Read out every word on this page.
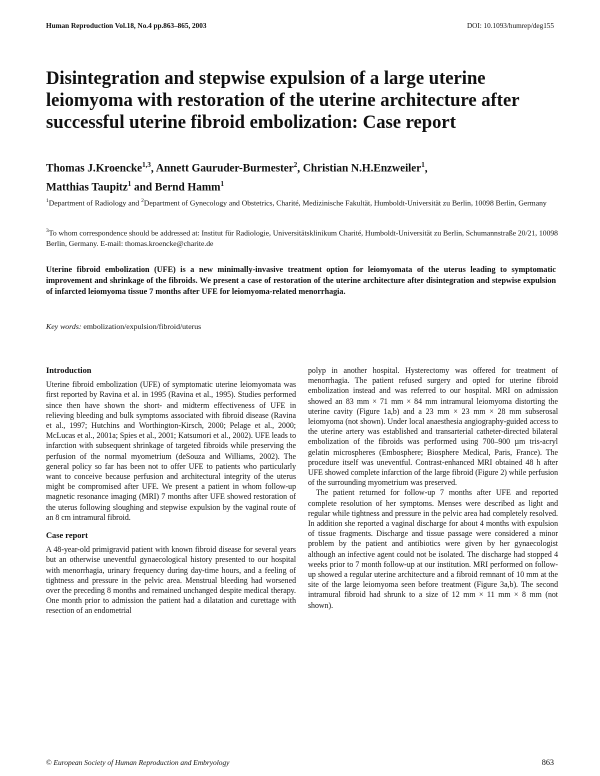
Human Reproduction Vol.18, No.4 pp.863–865, 2003	DOI: 10.1093/humrep/deg155
Disintegration and stepwise expulsion of a large uterine leiomyoma with restoration of the uterine architecture after successful uterine fibroid embolization: Case report

Thomas J.Kroencke$^{1,3}$, Annett Gauruder-Burmester$^2$, Christian N.H.Enzweiler$^1$,
Matthias Taupitz$^1$ and Bernd Hamm$^1$

$^1$Department of Radiology and $^2$Department of Gynecology and Obstetrics, Charité, Medizinische Fakultät, Humboldt-Universität zu Berlin, 10098 Berlin, Germany

$^3$To whom correspondence should be addressed at: Institut für Radiologie, Universitätsklinikum Charité, Humboldt-Universität zu Berlin, Schumannstraße 20/21, 10098 Berlin, Germany. E-mail: thomas.kroencke@charite.de

Uterine fibroid embolization (UFE) is a new minimally-invasive treatment option for leiomyomata of the uterus leading to symptomatic improvement and shrinkage of the fibroids. We present a case of restoration of the uterine architecture after disintegration and stepwise expulsion of infarcted leiomyoma tissue 7 months after UFE for leiomyoma-related menorrhagia.

Key words: embolization/expulsion/fibroid/uterus

Introduction

Uterine fibroid embolization (UFE) of symptomatic uterine leiomyomata was first reported by Ravina et al. in 1995 (Ravina et al., 1995). Studies performed since then have shown the short- and midterm effectiveness of UFE in relieving bleeding and bulk symptoms associated with fibroid disease (Ravina et al., 1997; Hutchins and Worthington-Kirsch, 2000; Pelage et al., 2000; McLucas et al., 2001a; Spies et al., 2001; Katsumori et al., 2002). UFE leads to infarction with subsequent shrinkage of targeted fibroids while preserving the perfusion of the normal myometrium (deSouza and Williams, 2002). The general policy so far has been not to offer UFE to patients who particularly want to conceive because perfusion and architectural integrity of the uterus might be compromised after UFE. We present a patient in whom follow-up magnetic resonance imaging (MRI) 7 months after UFE showed restoration of the uterus following sloughing and stepwise expulsion by the vaginal route of an 8 cm intramural fibroid.

Case report

A 48-year-old primigravid patient with known fibroid disease for several years but an otherwise uneventful gynaecological history presented to our hospital with menorrhagia, urinary frequency during day-time hours, and a feeling of tightness and pressure in the pelvic area. Menstrual bleeding had worsened over the preceding 8 months and remained unchanged despite medical therapy. One month prior to admission the patient had a dilatation and curettage with resection of an endometrial

polyp in another hospital. Hysterectomy was offered for treatment of menorrhagia. The patient refused surgery and opted for uterine fibroid embolization instead and was referred to our hospital. MRI on admission showed an 83 mm × 71 mm × 84 mm intramural leiomyoma distorting the uterine cavity (Figure 1a,b) and a 23 mm × 23 mm × 28 mm subserosal leiomyoma (not shown). Under local anaesthesia angiography-guided access to the uterine artery was established and transarterial catheter-directed bilateral embolization of the fibroids was performed using 700–900 µm tris-acryl gelatin microspheres (Embosphere; Biosphere Medical, Paris, France). The procedure itself was uneventful. Contrast-enhanced MRI obtained 48 h after UFE showed complete infarction of the large fibroid (Figure 2) while perfusion of the surrounding myometrium was preserved.

The patient returned for follow-up 7 months after UFE and reported complete resolution of her symptoms. Menses were described as light and regular while tightness and pressure in the pelvic area had completely resolved. In addition she reported a vaginal discharge for about 4 months with expulsion of tissue fragments. Discharge and tissue passage were considered a minor problem by the patient and antibiotics were given by her gynaecologist although an infective agent could not be isolated. The discharge had stopped 4 weeks prior to 7 month follow-up at our institution. MRI performed on follow-up showed a regular uterine architecture and a fibroid remnant of 10 mm at the site of the large leiomyoma seen before treatment (Figure 3a,b). The second intramural fibroid had shrunk to a size of 12 mm × 11 mm × 8 mm (not shown).

© European Society of Human Reproduction and Embryology	863
